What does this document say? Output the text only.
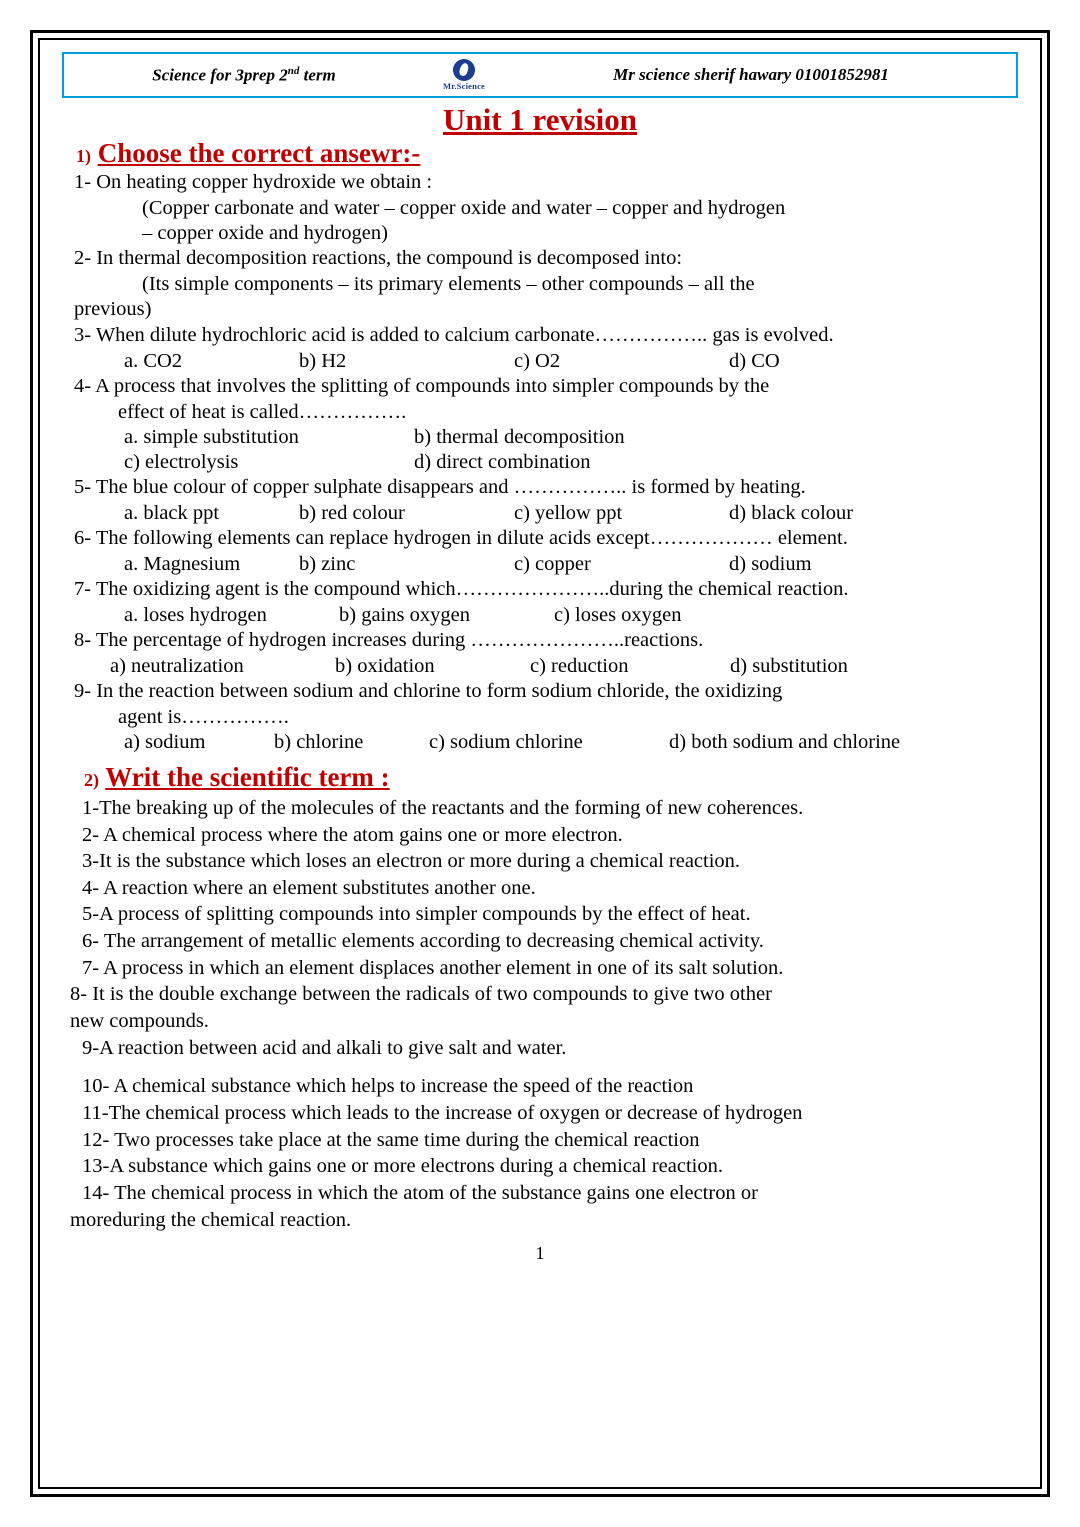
Science for 3prep 2nd term
Mr.Science
Mr science sherif hawary 01001852981
Unit 1 revision
1) Choose the correct ansewr:-
1- On heating copper hydroxide we obtain :
(Copper carbonate and water – copper oxide and water – copper and hydrogen
– copper oxide and hydrogen)
2- In thermal decomposition reactions, the compound is decomposed into:
(Its simple components – its primary elements – other compounds – all the
previous)
3- When dilute hydrochloric acid is added to calcium carbonate…………….. gas is evolved.
a. CO2	b) H2	c) O2	d) CO
4- A process that involves the splitting of compounds into simpler compounds by the
effect of heat is called…………….
a. simple substitution	b) thermal decomposition
c) electrolysis	d) direct combination
5- The blue colour of copper sulphate disappears and …………….. is formed by heating.
a. black ppt	b) red colour	c) yellow ppt	d) black colour
6- The following elements can replace hydrogen in dilute acids except……………… element.
a. Magnesium	b) zinc	c) copper	d) sodium
7- The oxidizing agent is the compound which…………………..during the chemical reaction.
a. loses hydrogen	b) gains oxygen	c) loses oxygen
8- The percentage of hydrogen increases during …………………..reactions.
a) neutralization	b) oxidation	c) reduction	d) substitution
9- In the reaction between sodium and chlorine to form sodium chloride, the oxidizing
agent is…………….
a) sodium	b) chlorine	c) sodium chlorine	d) both sodium and chlorine
2) Writ the scientific term :
1-The breaking up of the molecules of the reactants and the forming of new coherences.
2- A chemical process where the atom gains one or more electron.
3-It is the substance which loses an electron or more during a chemical reaction.
4- A reaction where an element substitutes another one.
5-A process of splitting compounds into simpler compounds by the effect of heat.
6- The arrangement of metallic elements according to decreasing chemical activity.
7- A process in which an element displaces another element in one of its salt solution.
8- It is the double exchange between the radicals of two compounds to give two other
new compounds.
9-A reaction between acid and alkali to give salt and water.
10- A chemical substance which helps to increase the speed of the reaction
11-The chemical process which leads to the increase of oxygen or decrease of hydrogen
12- Two processes take place at the same time during the chemical reaction
13-A substance which gains one or more electrons during a chemical reaction.
14- The chemical process in which the atom of the substance gains one electron or
moreduring the chemical reaction.
1
